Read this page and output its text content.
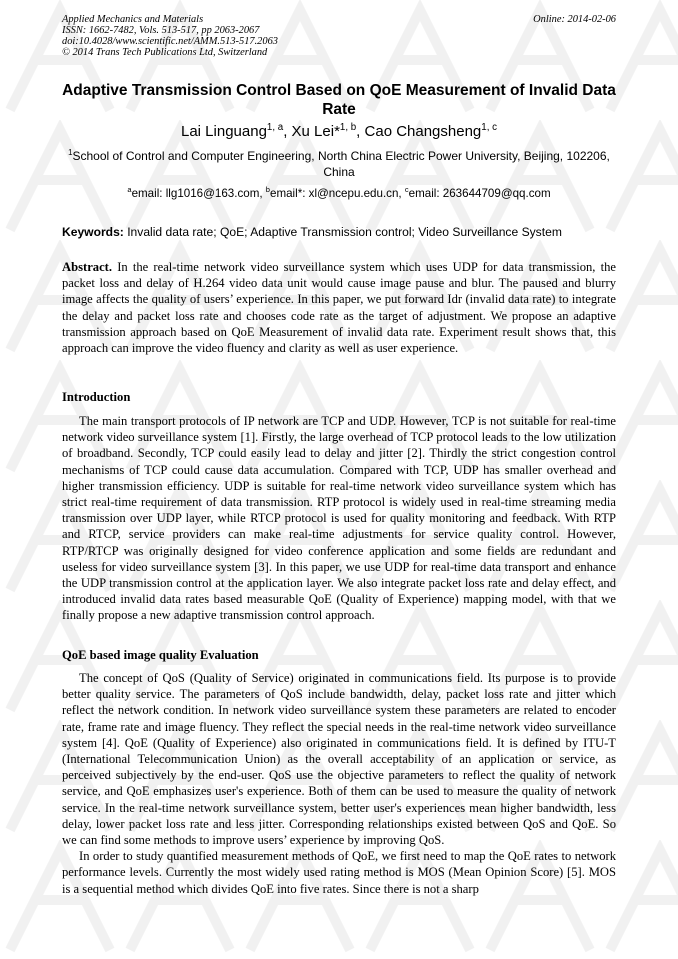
Applied Mechanics and Materials
ISSN: 1662-7482, Vols. 513-517, pp 2063-2067
doi:10.4028/www.scientific.net/AMM.513-517.2063
© 2014 Trans Tech Publications Ltd, Switzerland
Online: 2014-02-06
Adaptive Transmission Control Based on QoE Measurement of Invalid Data Rate
Lai Linguang$^{1, a}$, Xu Lei*$^{1, b}$, Cao Changsheng$^{1, c}$
$^1$School of Control and Computer Engineering, North China Electric Power University, Beijing, 102206, China
$^a$email: llg1016@163.com, $^b$email*: xl@ncepu.edu.cn, $^c$email: 263644709@qq.com
Keywords: Invalid data rate; QoE; Adaptive Transmission control; Video Surveillance System
Abstract. In the real-time network video surveillance system which uses UDP for data transmission, the packet loss and delay of H.264 video data unit would cause image pause and blur. The paused and blurry image affects the quality of users’ experience. In this paper, we put forward Idr (invalid data rate) to integrate the delay and packet loss rate and chooses code rate as the target of adjustment. We propose an adaptive transmission approach based on QoE Measurement of invalid data rate. Experiment result shows that, this approach can improve the video fluency and clarity as well as user experience.
Introduction

The main transport protocols of IP network are TCP and UDP. However, TCP is not suitable for real-time network video surveillance system [1]. Firstly, the large overhead of TCP protocol leads to the low utilization of broadband. Secondly, TCP could easily lead to delay and jitter [2]. Thirdly the strict congestion control mechanisms of TCP could cause data accumulation. Compared with TCP, UDP has smaller overhead and higher transmission efficiency. UDP is suitable for real-time network video surveillance system which has strict real-time requirement of data transmission. RTP protocol is widely used in real-time streaming media transmission over UDP layer, while RTCP protocol is used for quality monitoring and feedback. With RTP and RTCP, service providers can make real-time adjustments for service quality control. However, RTP/RTCP was originally designed for video conference application and some fields are redundant and useless for video surveillance system [3]. In this paper, we use UDP for real-time data transport and enhance the UDP transmission control at the application layer. We also integrate packet loss rate and delay effect, and introduced invalid data rates based measurable QoE (Quality of Experience) mapping model, with that we finally propose a new adaptive transmission control approach.

QoE based image quality Evaluation

The concept of QoS (Quality of Service) originated in communications field. Its purpose is to provide better quality service. The parameters of QoS include bandwidth, delay, packet loss rate and jitter which reflect the network condition. In network video surveillance system these parameters are related to encoder rate, frame rate and image fluency. They reflect the special needs in the real-time network video surveillance system [4]. QoE (Quality of Experience) also originated in communications field. It is defined by ITU-T (International Telecommunication Union) as the overall acceptability of an application or service, as perceived subjectively by the end-user. QoS use the objective parameters to reflect the quality of network service, and QoE emphasizes user's experience. Both of them can be used to measure the quality of network service. In the real-time network surveillance system, better user's experiences mean higher bandwidth, less delay, lower packet loss rate and less jitter. Corresponding relationships existed between QoS and QoE. So we can find some methods to improve users’ experience by improving QoS.

In order to study quantified measurement methods of QoE, we first need to map the QoE rates to network performance levels. Currently the most widely used rating method is MOS (Mean Opinion Score) [5]. MOS is a sequential method which divides QoE into five rates. Since there is not a sharp
